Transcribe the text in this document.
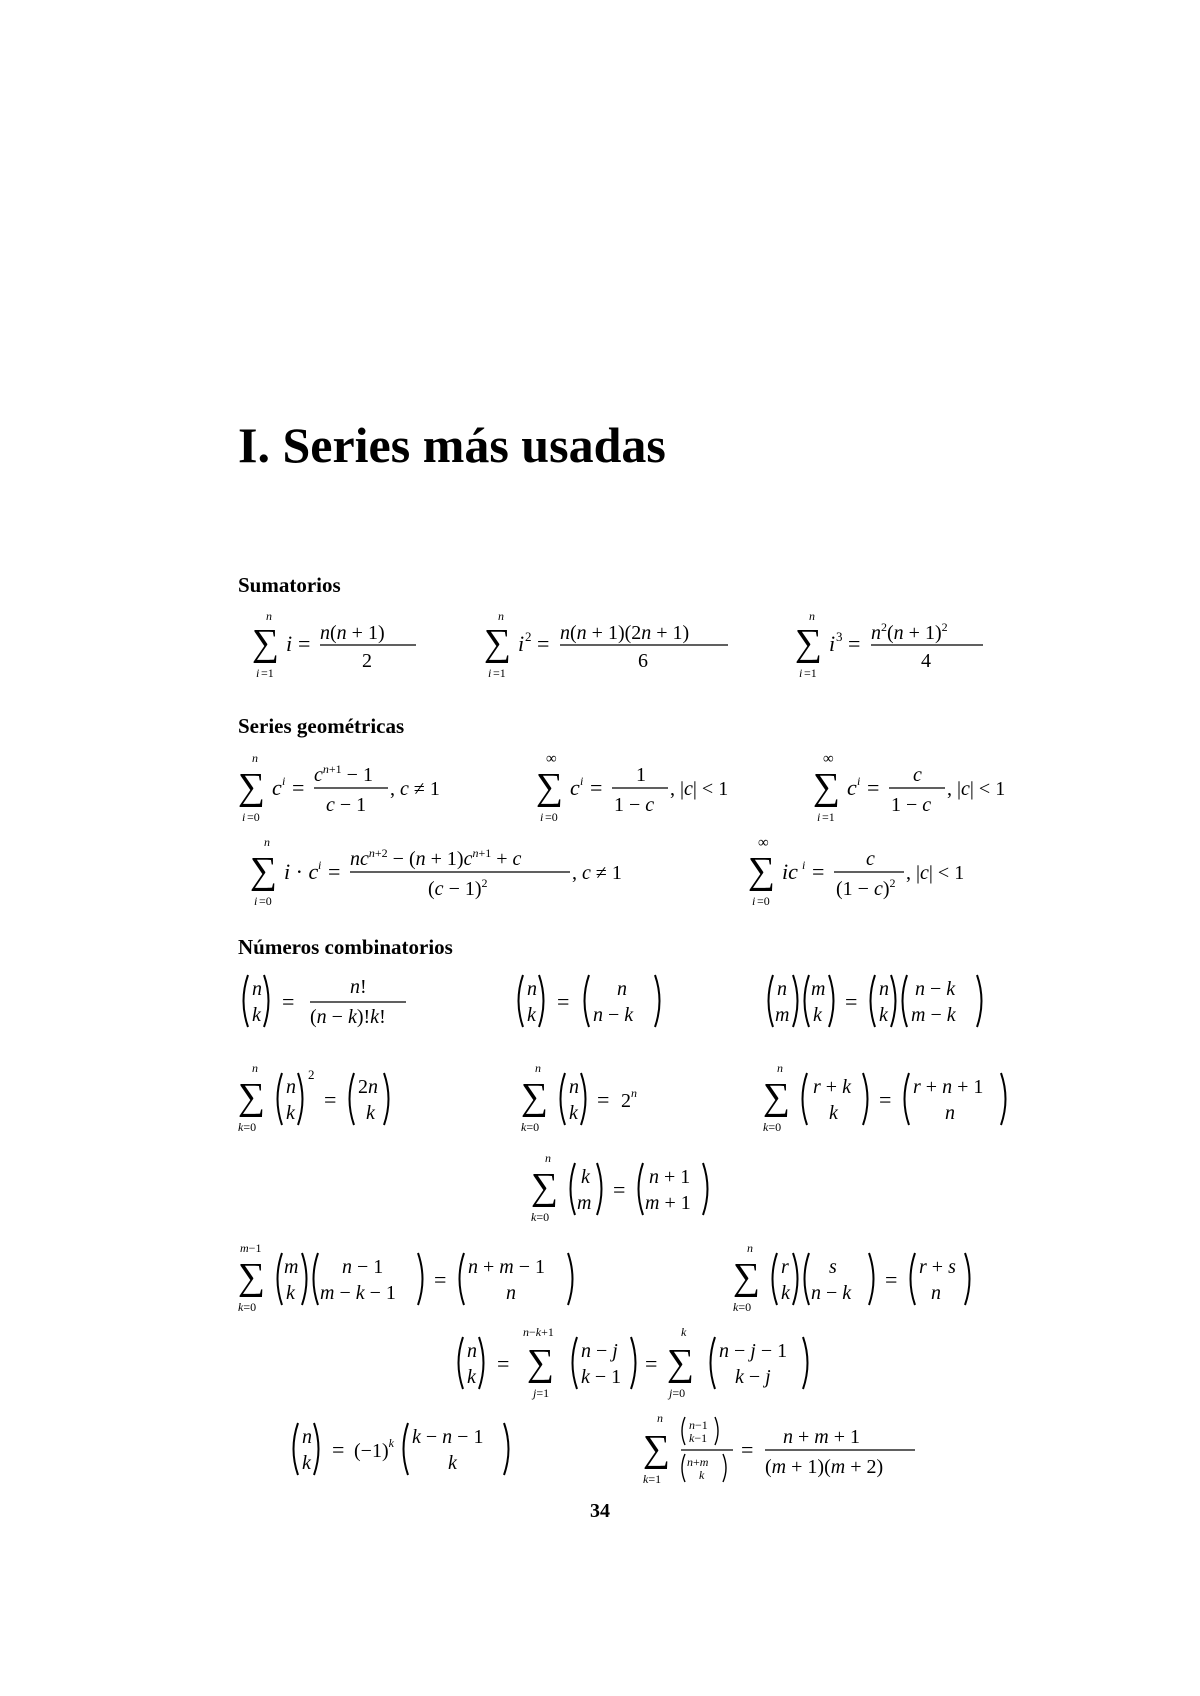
I. Series más usadas
Sumatorios
n
∑
i =1
i = n(n + 1)
2
n
∑
i =1
i 2 = n(n + 1)(2n + 1)
6
n
∑
i =1
i $3 = n^2(n + 1)^2$
4
Series geométricas
n
∑
i =0
c $i = c^{n+1} - 1$
c − 1
, c ≠ 1
∞
∑
i =0
c i = 1
1 − c
, |c| < 1
∞
∑
i =1
c i = c
1 − c
, |c| < 1
n
∑
i =0
i · c $i = nc^{n+2} - (n + 1)c^{n+1} + c$
$(c - 1)^2$	, c ≠ 1
∞
∑
i =0
ic i = c
$(1 - c)^2$ , |c| < 1
Números combinatorios
n
k
=
n!
(n − k)!k!
n
k
= n
n − k
n
m
m
k
= n
k
n − k
m − k
n
∑
k=0
n
k
2
= 2n
k
n
∑
k=0
n
k
= $2^n$
n
∑
k=0
r + k
k
= r + n + 1
n
n
∑
k=0
k
m
= n + 1
m + 1
m−1
∑
k=0
m
k
n − 1
m − k − 1
= n + m − 1
n
n
∑
k=0
r
k
s
n − k
= r + s
n
n
k
=
n−k+1
∑
j=1
n − j
k − 1
=
k
∑
j=0
n − j − 1
k − j
n
k
= $(-1)^k$ k − n − 1
k
n
∑
k=1
n−1
k−1
n+m
k
= n + m + 1
(m + 1)(m + 2)
34
